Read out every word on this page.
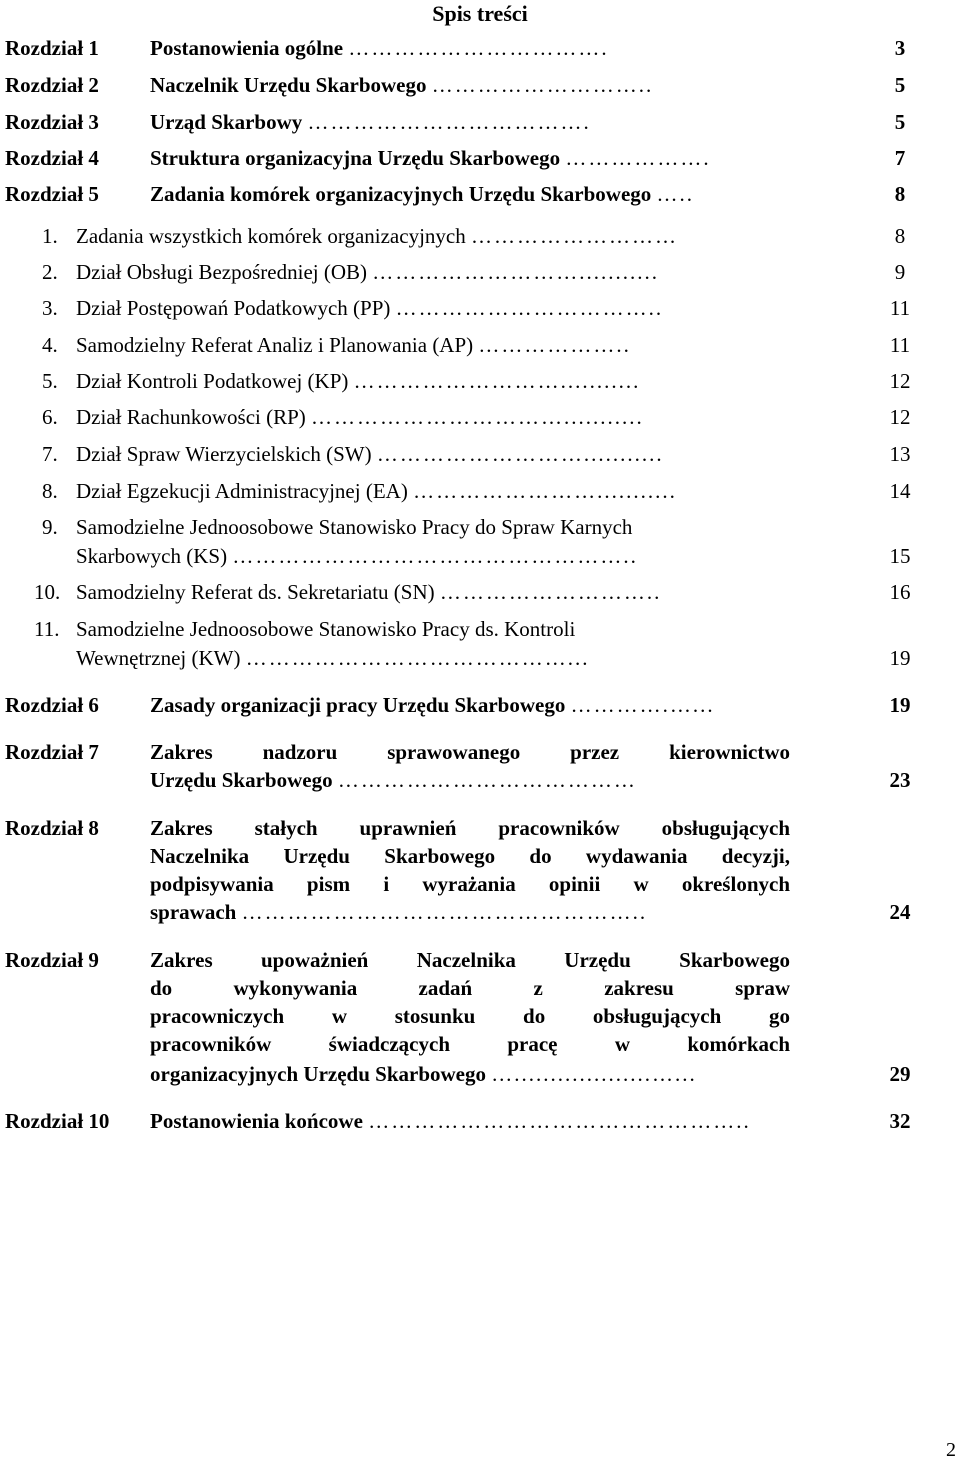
Spis treści
Rozdział 1 Postanowienia ogólne …………………………….	3
Rozdział 2 Naczelnik Urzędu Skarbowego ………………………..	5
Rozdział 3 Urząd Skarbowy ……………………………….	5
Rozdział 4 Struktura organizacyjna Urzędu Skarbowego ……………….	7
Rozdział 5 Zadania komórek organizacyjnych Urzędu Skarbowego …..	8
1. Zadania wszystkich komórek organizacyjnych ………………………	8
2. Dział Obsługi Bezpośredniej (OB) ………………………...........	9
3. Dział Postępowań Podatkowych (PP) ……………………………..	11
4. Samodzielny Referat Analiz i Planowania (AP) ………………..	11
5. Dział Kontroli Podatkowej (KP) ………………………...........	12
6. Dział Rachunkowości (RP) ……………………………...........	12
7. Dział Spraw Wierzycielskich (SW) ………………………...........	13
8. Dział Egzekucji Administracyjnej (EA) ……………………...........	14
9. Samodzielne Jednoosobowe Stanowisko Pracy do Spraw Karnych
Skarbowych (KS) ……………………………………………..	15
10. Samodzielny Referat ds. Sekretariatu (SN) ………………………..	16
11. Samodzielne Jednoosobowe Stanowisko Pracy ds. Kontroli
Wewnętrznej (KW) ……………………………………...	19
Rozdział 6 Zasady organizacji pracy Urzędu Skarbowego ………….…...	19
Rozdział 7 Zakres nadzoru sprawowanego przez kierownictwo
Urzędu Skarbowego …………………………………	23
Rozdział 8 Zakres stałych uprawnień pracowników obsługujących
Naczelnika Urzędu Skarbowego do wydawania decyzji,
podpisywania pism i wyrażania opinii w określonych
sprawach ……………………………………………..	24
Rozdział 9 Zakres upoważnień Naczelnika Urzędu Skarbowego
do wykonywania zadań z zakresu spraw
pracowniczych w stosunku do obsługujących go
pracowników świadczących pracę w komórkach
organizacyjnych Urzędu Skarbowego …...................…...	29
Rozdział 10 Postanowienia końcowe …………………………………………..	32
2
